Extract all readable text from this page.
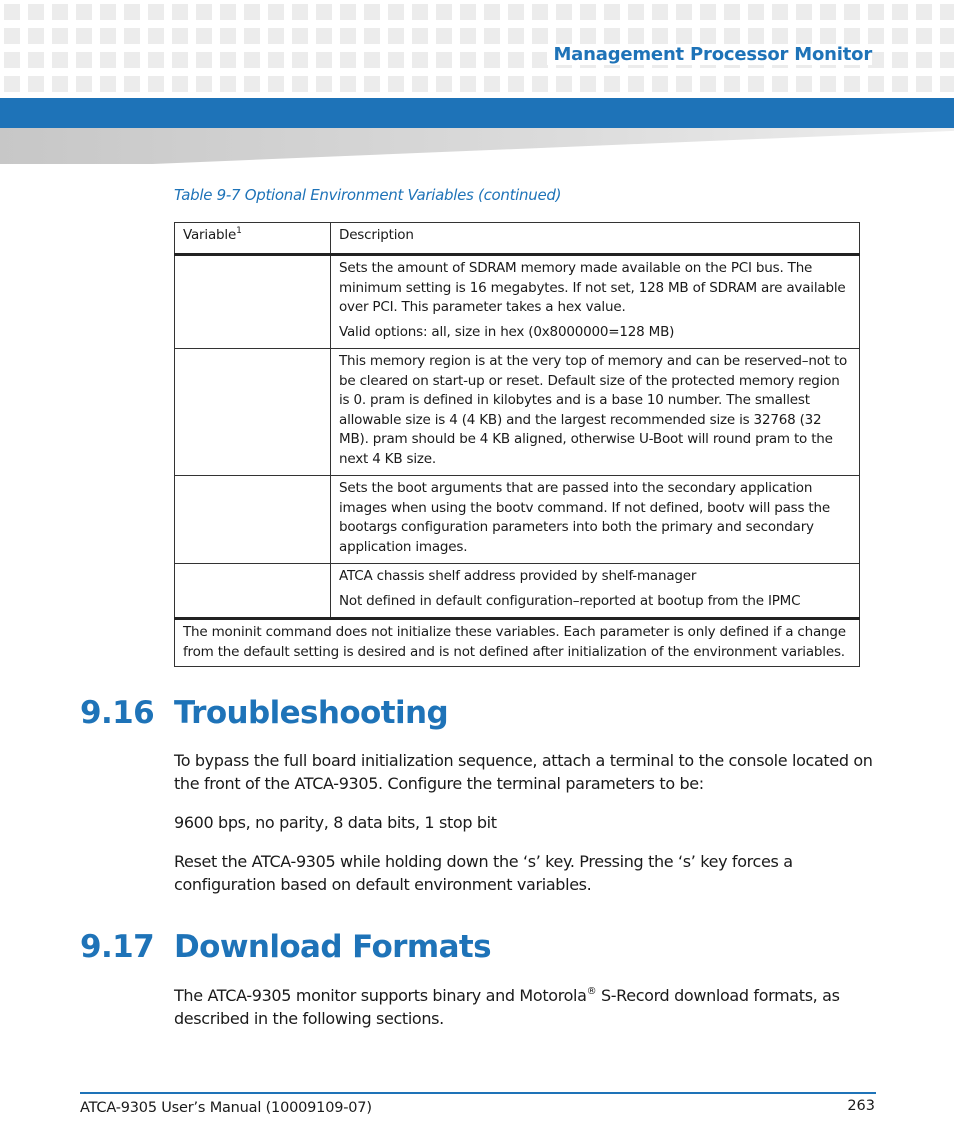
Management Processor Monitor
Table 9-7 Optional Environment Variables (continued)
Variable$^1$	Description

	Sets the amount of SDRAM memory made available on the PCI bus. The minimum setting is 16 megabytes. If not set, 128 MB of SDRAM are available over PCI. This parameter takes a hex value.

Valid options: all, size in hex (0x8000000=128 MB)

	This memory region is at the very top of memory and can be reserved–not to be cleared on start-up or reset. Default size of the protected memory region is 0. pram is defined in kilobytes and is a base 10 number. The smallest allowable size is 4 (4 KB) and the largest recommended size is 32768 (32 MB). pram should be 4 KB aligned, otherwise U-Boot will round pram to the next 4 KB size.

	Sets the boot arguments that are passed into the secondary application images when using the bootv command. If not defined, bootv will pass the bootargs configuration parameters into both the primary and secondary application images.

	ATCA chassis shelf address provided by shelf-manager

Not defined in default configuration–reported at bootup from the IPMC

The moninit command does not initialize these variables. Each parameter is only defined if a change from the default setting is desired and is not defined after initialization of the environment variables.	
9.16 Troubleshooting

To bypass the full board initialization sequence, attach a terminal to the console located on the front of the ATCA-9305. Configure the terminal parameters to be:

9600 bps, no parity, 8 data bits, 1 stop bit

Reset the ATCA-9305 while holding down the ‘s’ key. Pressing the ‘s’ key forces a configuration based on default environment variables.

9.17 Download Formats

The ATCA-9305 monitor supports binary and Motorola® S-Record download formats, as described in the following sections.

ATCA-9305 User’s Manual (10009109-07)	263
